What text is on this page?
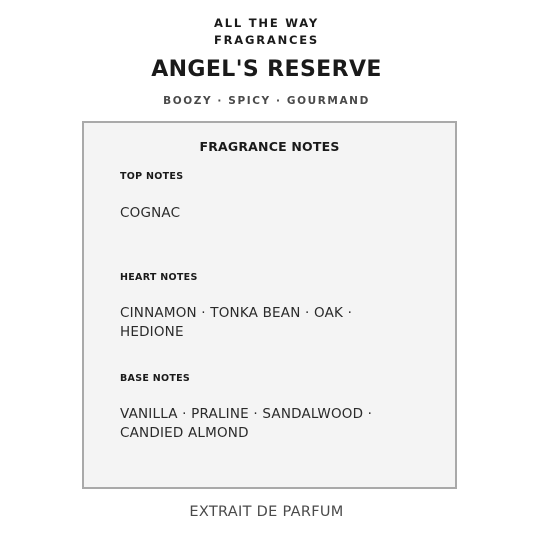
ALL THE WAY
FRAGRANCES
ANGEL'S RESERVE
BOOZY · SPICY · GOURMAND
FRAGRANCE NOTES
TOP NOTES
COGNAC
HEART NOTES
CINNAMON · TONKA BEAN · OAK · HEDIONE
BASE NOTES
VANILLA · PRALINE · SANDALWOOD · CANDIED ALMOND
EXTRAIT DE PARFUM
